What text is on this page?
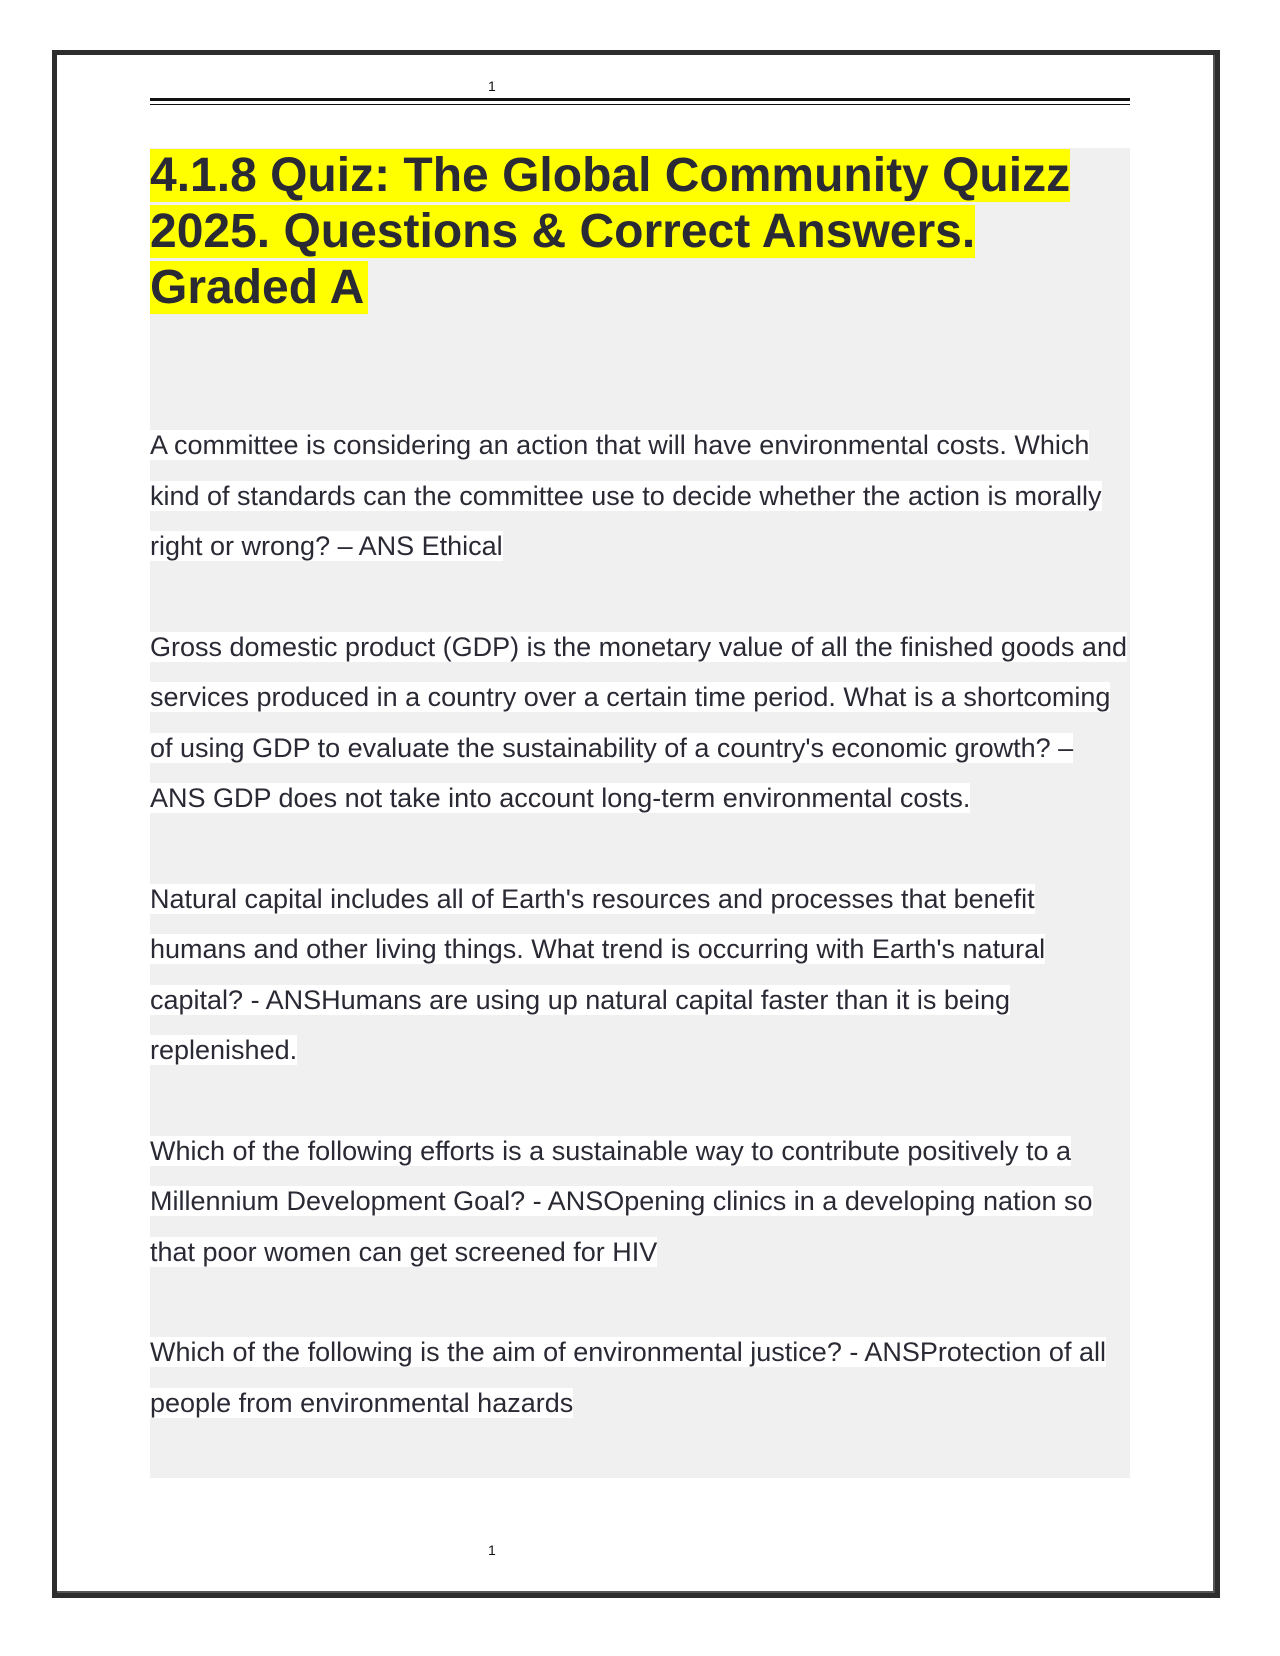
1
4.1.8 Quiz: The Global Community Quizz 2025. Questions & Correct Answers. Graded A

A committee is considering an action that will have environmental costs. Which kind of standards can the committee use to decide whether the action is morally right or wrong? – ANS Ethical

Gross domestic product (GDP) is the monetary value of all the finished goods and services produced in a country over a certain time period. What is a shortcoming of using GDP to evaluate the sustainability of a country's economic growth? – ANS GDP does not take into account long-term environmental costs.

Natural capital includes all of Earth's resources and processes that benefit humans and other living things. What trend is occurring with Earth's natural capital? - ANSHumans are using up natural capital faster than it is being replenished.

Which of the following efforts is a sustainable way to contribute positively to a Millennium Development Goal? - ANSOpening clinics in a developing nation so that poor women can get screened for HIV

Which of the following is the aim of environmental justice? - ANSProtection of all people from environmental hazards

1
